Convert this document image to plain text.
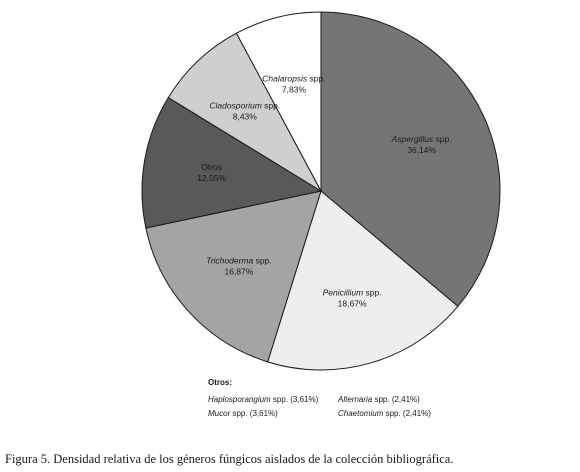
Aspergillus spp.
36,14%
Penicillium spp.
18,67%
Trichoderma spp.
16,87%
Otros
12,05%
Cladosporium spp.
8,43%
Chalaropsis spp.
7,83%
Otros:
Haplosporangium spp. (3,61%) Alternaria spp. (2,41%)
Mucor spp. (3,61%)	Chaetomium spp. (2,41%)
Figura 5. Densidad relativa de los géneros fúngicos aislados de la colección bibliográfica.
